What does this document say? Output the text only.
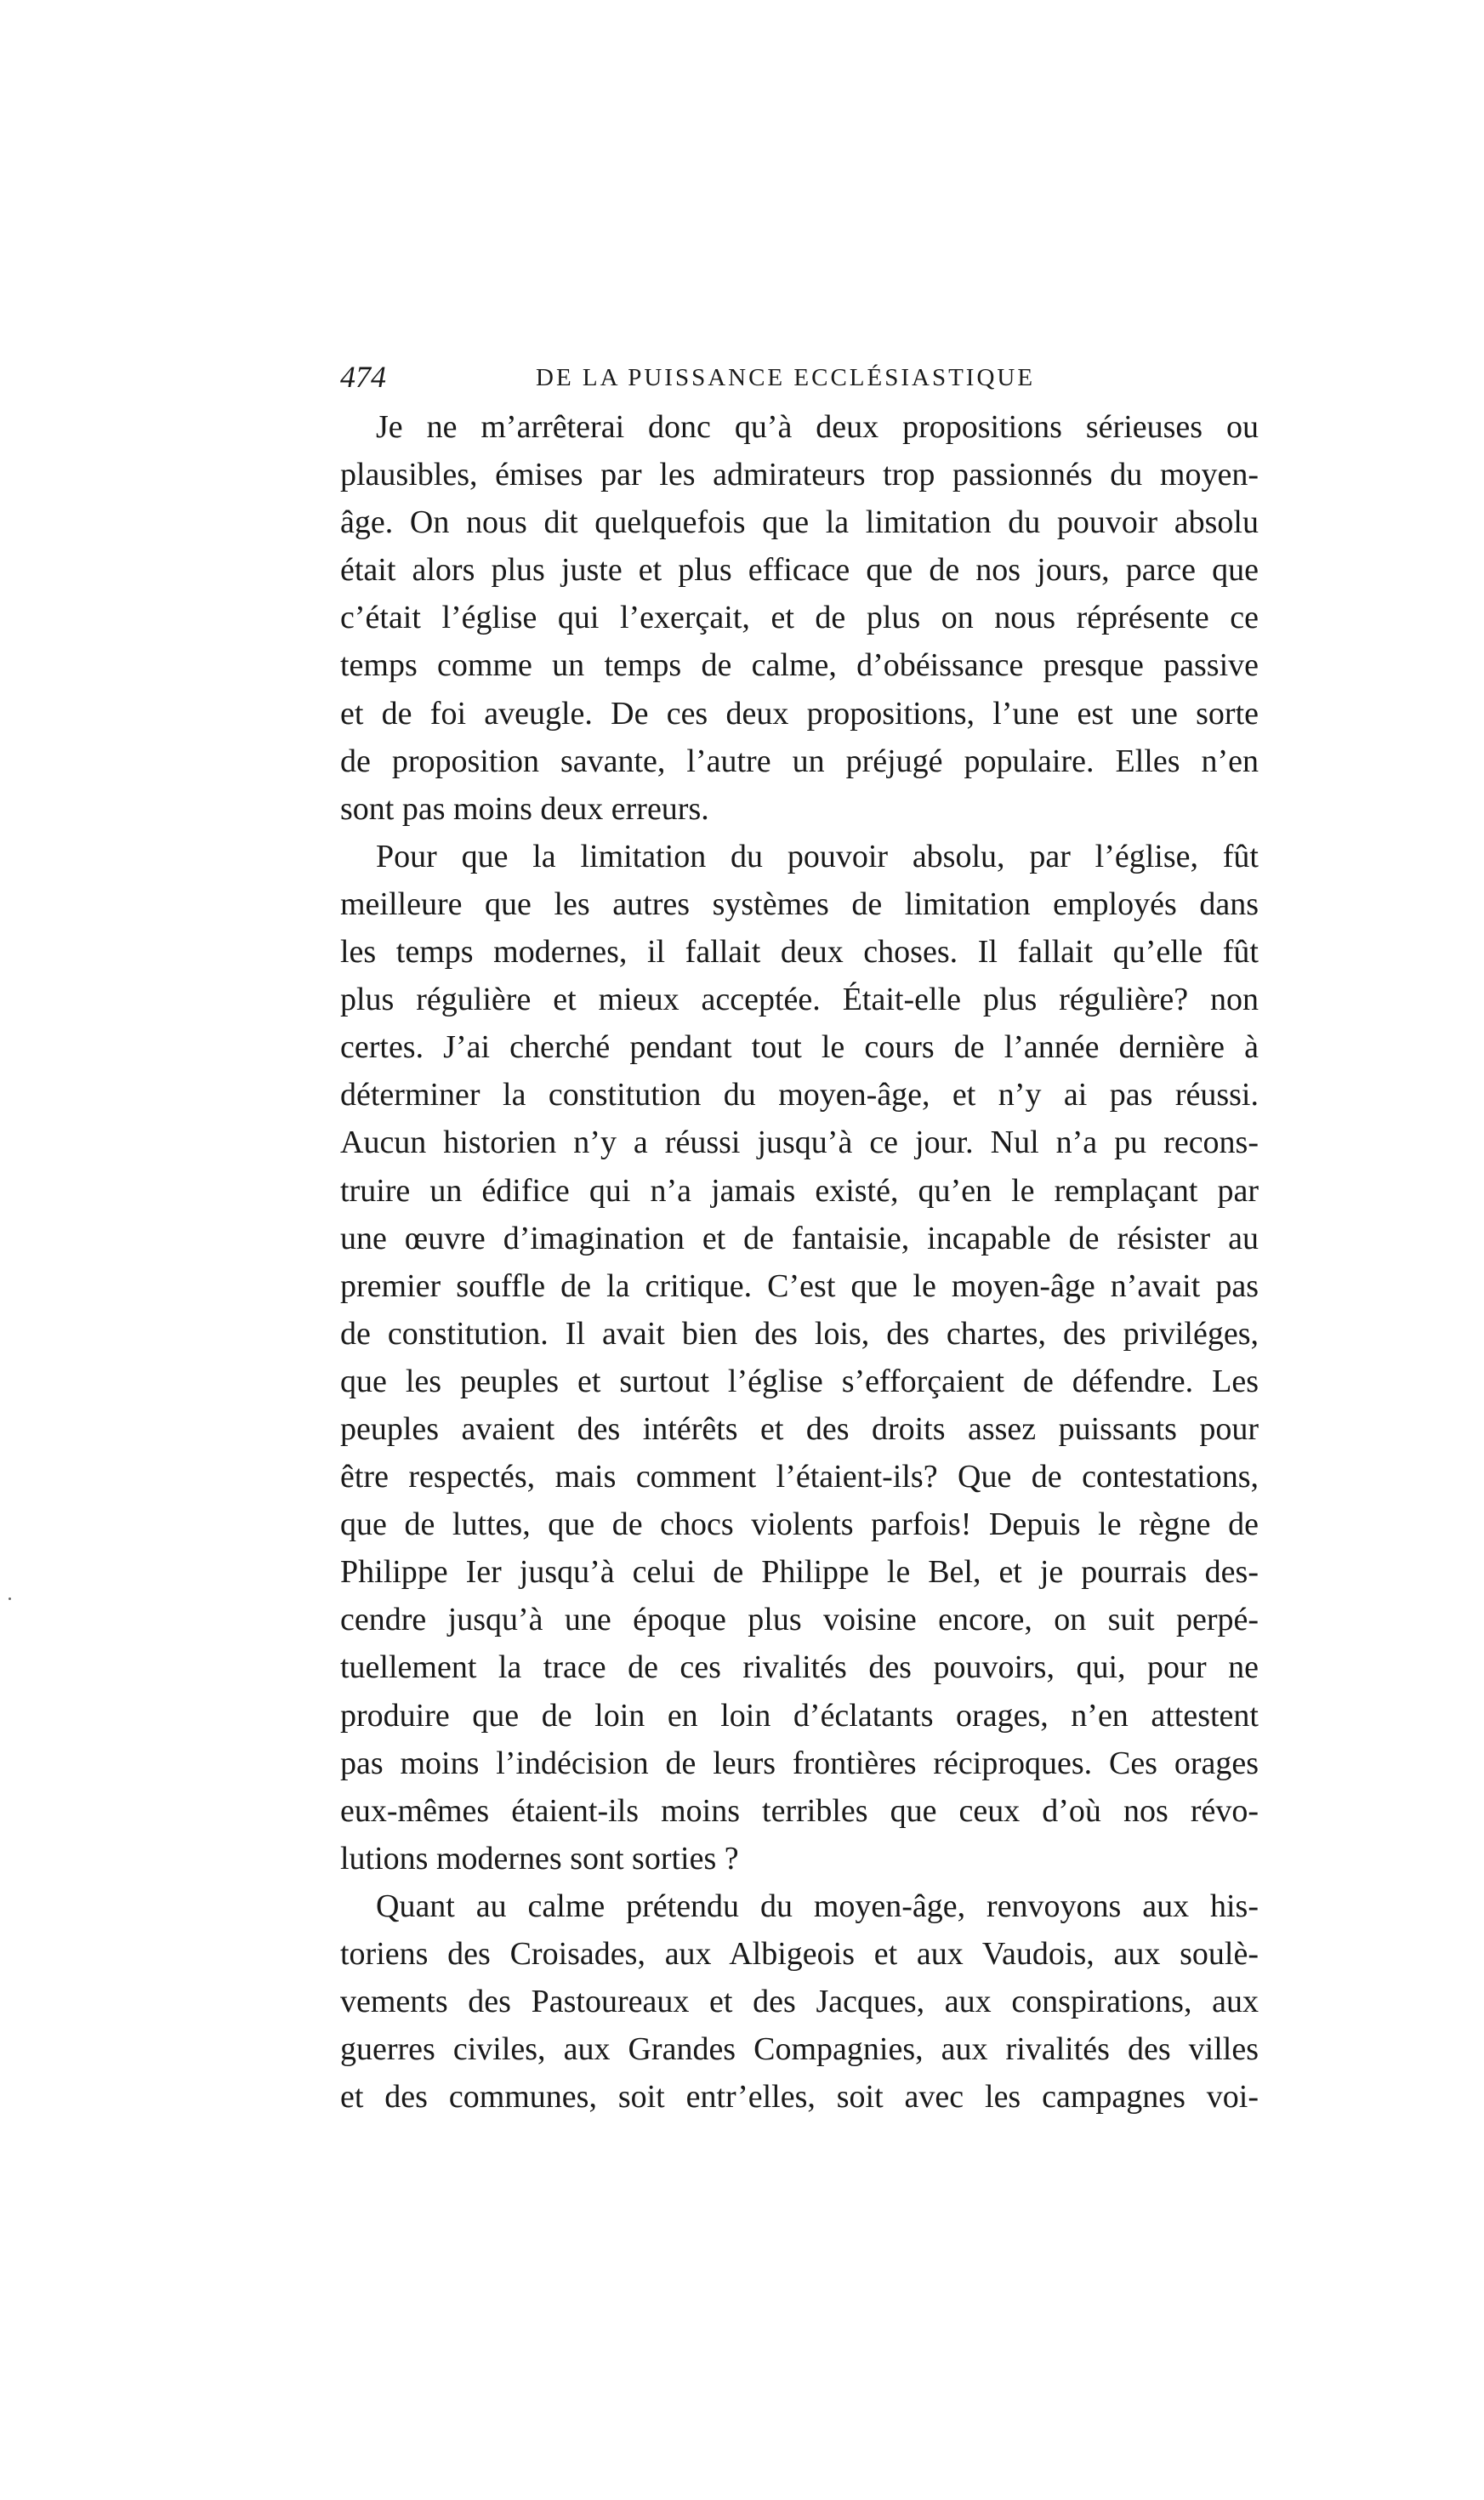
474	DE LA PUISSANCE ECCLÉSIASTIQUE
Je ne m’arrêterai donc qu’à deux propositions sérieuses ou
plausibles, émises par les admirateurs trop passionnés du moyen-
âge. On nous dit quelquefois que la limitation du pouvoir absolu
était alors plus juste et plus efficace que de nos jours, parce que
c’était l’église qui l’exerçait, et de plus on nous réprésente ce
temps comme un temps de calme, d’obéissance presque passive
et de foi aveugle. De ces deux propositions, l’une est une sorte
de proposition savante, l’autre un préjugé populaire. Elles n’en
sont pas moins deux erreurs.
Pour que la limitation du pouvoir absolu, par l’église, fût
meilleure que les autres systèmes de limitation employés dans
les temps modernes, il fallait deux choses. Il fallait qu’elle fût
plus régulière et mieux acceptée. Était-elle plus régulière? non
certes. J’ai cherché pendant tout le cours de l’année dernière à
déterminer la constitution du moyen-âge, et n’y ai pas réussi.
Aucun historien n’y a réussi jusqu’à ce jour. Nul n’a pu recons-
truire un édifice qui n’a jamais existé, qu’en le remplaçant par
une œuvre d’imagination et de fantaisie, incapable de résister au
premier souffle de la critique. C’est que le moyen-âge n’avait pas
de constitution. Il avait bien des lois, des chartes, des priviléges,
que les peuples et surtout l’église s’efforçaient de défendre. Les
peuples avaient des intérêts et des droits assez puissants pour
être respectés, mais comment l’étaient-ils? Que de contestations,
que de luttes, que de chocs violents parfois! Depuis le règne de
Philippe Ier jusqu’à celui de Philippe le Bel, et je pourrais des-
cendre jusqu’à une époque plus voisine encore, on suit perpé-
tuellement la trace de ces rivalités des pouvoirs, qui, pour ne
produire que de loin en loin d’éclatants orages, n’en attestent
pas moins l’indécision de leurs frontières réciproques. Ces orages
eux-mêmes étaient-ils moins terribles que ceux d’où nos révo-
lutions modernes sont sorties ?
Quant au calme prétendu du moyen-âge, renvoyons aux his-
toriens des Croisades, aux Albigeois et aux Vaudois, aux soulè-
vements des Pastoureaux et des Jacques, aux conspirations, aux
guerres civiles, aux Grandes Compagnies, aux rivalités des villes
et des communes, soit entr’elles, soit avec les campagnes voi-
